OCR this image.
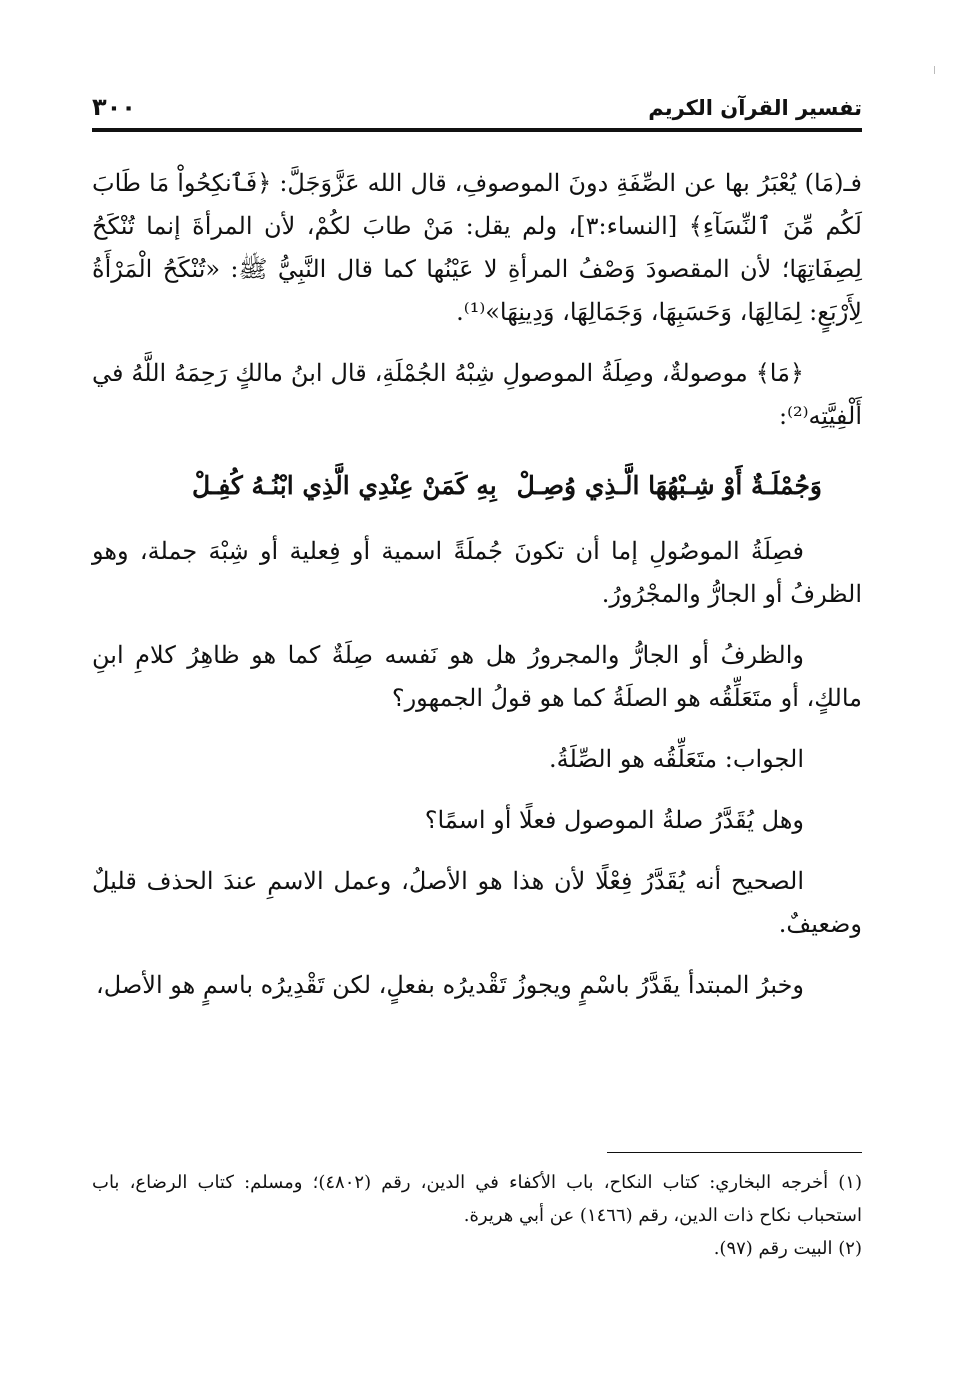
٣٠٠	تفسير القرآن الكريم

فـ(مَا) يُعْبَرُ بها عن الصِّفَةِ دونَ الموصوفِ، قال الله عَزَّوَجَلَّ: ﴿فَٱنكِحُواْ مَا طَابَ لَكُم مِّنَ ٱلنِّسَآءِ﴾ [النساء:٣]، ولم يقل: مَنْ طابَ لكُمْ، لأن المرأةَ إنما تُنْكَحُ لِصِفَاتِهَا؛ لأن المقصودَ وَصْفُ المرأةِ لا عَيْنُها كما قال النَّبِيُّ ﷺ: «تُنْكَحُ الْمَرْأَةُ لِأَرْبَعٍ: لِمَالِهَا، وَحَسَبِهَا، وَجَمَالِهَا، وَدِينِهَا»⁽¹⁾.

﴿مَا﴾ موصولةٌ، وصِلَةُ الموصولِ شِبْهُ الجُمْلَةِ، قال ابنُ مالكٍ رَحِمَهُ اللَّهُ في أَلْفِيَّتِه⁽²⁾:

وَجُمْلَـةٌ أَوْ شِـبْهُهَا الَّـذِي وُصِـلْ
بِهِ كَمَنْ عِنْدِي الَّذِي ابْنُـهُ كُفِـلْ

فصِلَةُ الموصُولِ إما أن تكونَ جُملَةً اسمية أو فِعلية أو شِبْهَ جملة، وهو الظرفُ أو الجارُّ والمجْرُورُ.

والظرفُ أو الجارُّ والمجرورُ هل هو نَفسه صِلَةٌ كما هو ظاهِرُ كلامِ ابنِ مالكٍ، أو متَعَلِّقُه هو الصلَةُ كما هو قولُ الجمهور؟

الجواب: متَعَلِّقُه هو الصِّلَةُ.

وهل يُقَدَّرُ صلةُ الموصول فعلًا أو اسمًا؟

الصحيح أنه يُقَدَّرُ فِعْلًا لأن هذا هو الأصلُ، وعمل الاسمِ عندَ الحذف قليلٌ وضعيفٌ.

وخبرُ المبتدأ يقَدَّرُ باسْمٍ ويجوزُ تَقْديرُه بفعلٍ، لكن تَقْدِيرُه باسمٍ هو الأصل،

(١) أخرجه البخاري: كتاب النكاح، باب الأكفاء في الدين، رقم (٤٨٠٢)؛ ومسلم: كتاب الرضاع، باب استحباب نكاح ذات الدين، رقم (١٤٦٦) عن أبي هريرة.

(٢) البيت رقم (٩٧).
